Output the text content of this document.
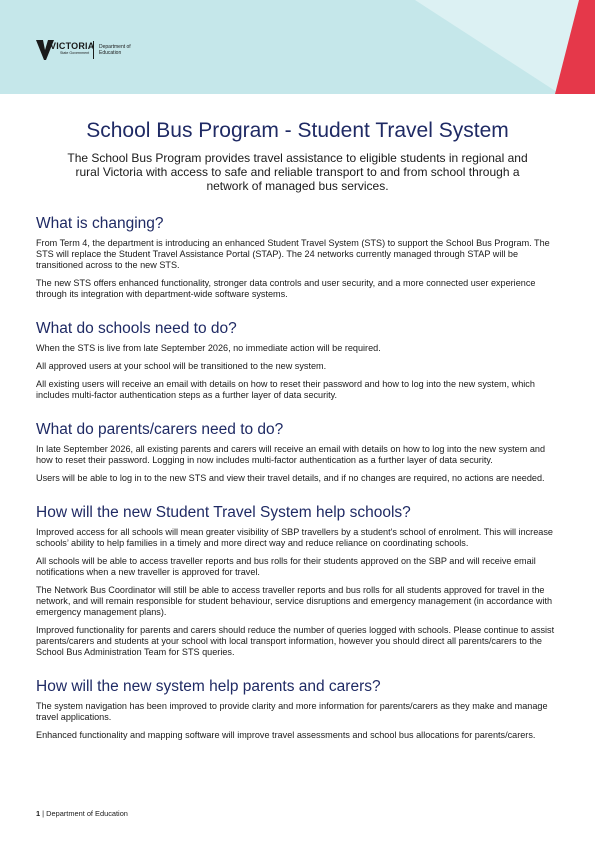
VICTORIA
State Government
Department of Education
School Bus Program - Student Travel System

The School Bus Program provides travel assistance to eligible students in regional and rural Victoria with access to safe and reliable transport to and from school through a network of managed bus services.

What is changing?

From Term 4, the department is introducing an enhanced Student Travel System (STS) to support the School Bus Program. The STS will replace the Student Travel Assistance Portal (STAP). The 24 networks currently managed through STAP will be transitioned across to the new STS.

The new STS offers enhanced functionality, stronger data controls and user security, and a more connected user experience through its integration with department-wide software systems.

What do schools need to do?

When the STS is live from late September 2026, no immediate action will be required.

All approved users at your school will be transitioned to the new system.

All existing users will receive an email with details on how to reset their password and how to log into the new system, which includes multi-factor authentication steps as a further layer of data security.

What do parents/carers need to do?

In late September 2026, all existing parents and carers will receive an email with details on how to log into the new system and how to reset their password. Logging in now includes multi-factor authentication as a further layer of data security.

Users will be able to log in to the new STS and view their travel details, and if no changes are required, no actions are needed.

How will the new Student Travel System help schools?

Improved access for all schools will mean greater visibility of SBP travellers by a student's school of enrolment. This will increase schools’ ability to help families in a timely and more direct way and reduce reliance on coordinating schools.

All schools will be able to access traveller reports and bus rolls for their students approved on the SBP and will receive email notifications when a new traveller is approved for travel.

The Network Bus Coordinator will still be able to access traveller reports and bus rolls for all students approved for travel in the network, and will remain responsible for student behaviour, service disruptions and emergency management (in accordance with emergency management plans).

Improved functionality for parents and carers should reduce the number of queries logged with schools. Please continue to assist parents/carers and students at your school with local transport information, however you should direct all parents/carers to the School Bus Administration Team for STS queries.

How will the new system help parents and carers?

The system navigation has been improved to provide clarity and more information for parents/carers as they make and manage travel applications.

Enhanced functionality and mapping software will improve travel assessments and school bus allocations for parents/carers.

1 | Department of Education
